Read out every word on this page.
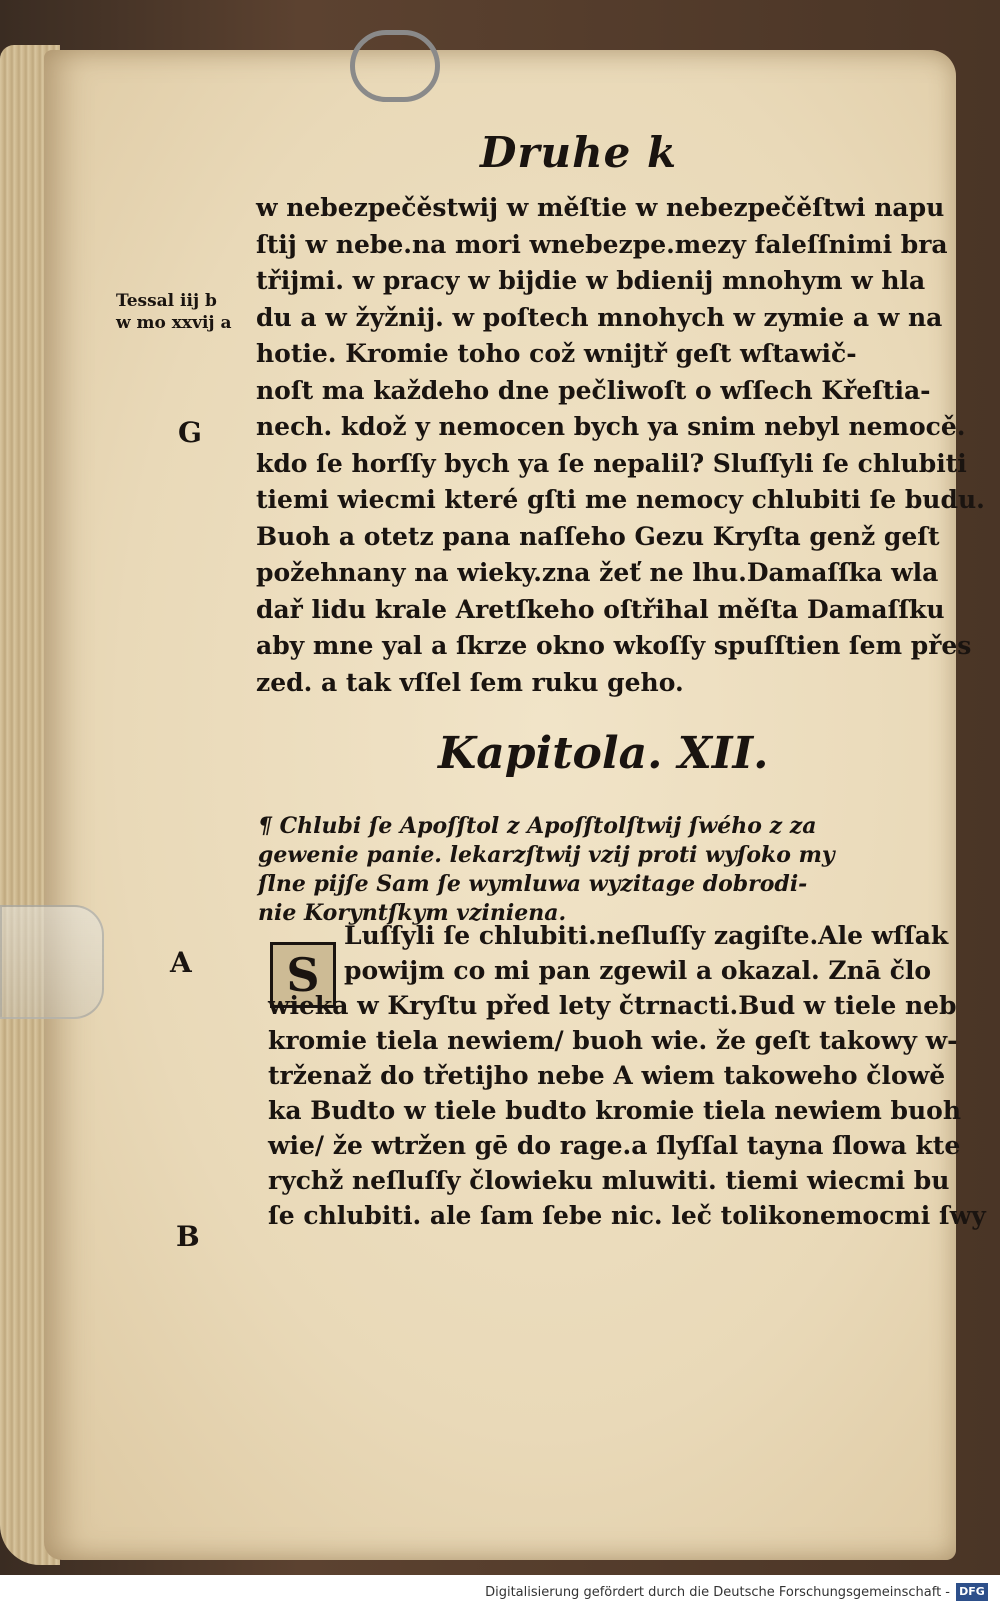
Druhe k
Tessal iij b
w mo xxvij a
G
A
B
w nebezpečěstwij w měſtie w nebezpečěſtwi napu
ſtij w nebe.na mori wnebezpe.mezy faleſſnimi bra
třijmi. w pracy w bijdie w bdienij mnohym w hla
du a w žyžnij. w poſtech mnohych w zymie a w na
hotie. Kromie toho což wnijtř geſt wſtawič-
noſt ma každeho dne pečliwoſt o wſſech Křeſtia-
nech. kdož y nemocen bych ya snim nebyl nemocě.
kdo ſe horſſy bych ya ſe nepalil? Sluſſyli ſe chlubiti
tiemi wiecmi které gſti me nemocy chlubiti ſe budu.
Buoh a otetz pana naſſeho Gezu Kryſta genž geſt
požehnany na wieky.zna žeť ne lhu.Damaſſka wla
dař lidu krale Aretſkeho oſtřihal měſta Damaſſku
aby mne yal a ſkrze okno wkoſſy spuſſtien ſem přes
zed. a tak vſſel ſem ruku geho.
Kapitola. XII.
¶ Chlubi ſe Apoſſtol z Apoſſtolſtwij ſwého z za
gewenie panie. lekarzſtwij vzij proti wyſoko my
ſlne pijſe Sam ſe wymluwa wyzitage dobrodi-
nie Koryntſkym vziniena.
S
Luſſyli ſe chlubiti.neſluſſy zagiſte.Ale wſſak
powijm co mi pan zgewil a okazal. Znā člo
wieka w Kryſtu před lety čtrnacti.Bud w tiele neb
kromie tiela newiem/ buoh wie. že geſt takowy w-
trženaž do třetijho nebe A wiem takoweho člowě
ka Budto w tiele budto kromie tiela newiem buoh
wie/ že wtržen gē do rage.a ſlyſſal tayna ſlowa kte
rychž neſluſſy člowieku mluwiti. tiemi wiecmi bu
ſe chlubiti. ale ſam ſebe nic. leč tolikonemocmi ſwy
Digitalisierung gefördert durch die Deutsche Forschungsgemeinschaft - DFG
